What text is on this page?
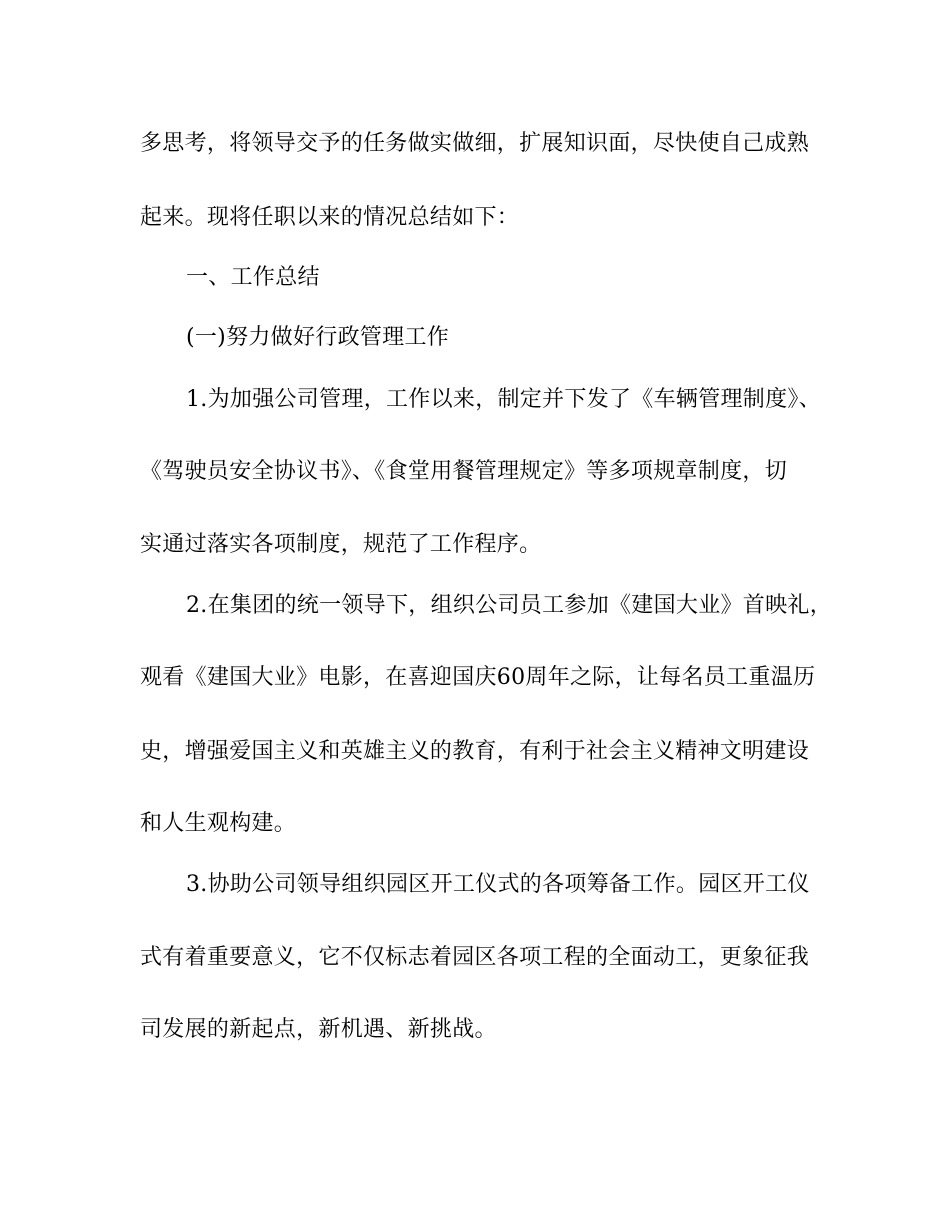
多思考，将领导交予的任务做实做细，扩展知识面，尽快使自己成熟
起来。现将任职以来的情况总结如下：
一、工作总结
(一)努力做好行政管理工作
1.为加强公司管理，工作以来，制定并下发了《车辆管理制度》、
《驾驶员安全协议书》、《食堂用餐管理规定》等多项规章制度，切
实通过落实各项制度，规范了工作程序。
2.在集团的统一领导下，组织公司员工参加《建国大业》首映礼，
观看《建国大业》电影，在喜迎国庆60周年之际，让每名员工重温历
史，增强爱国主义和英雄主义的教育，有利于社会主义精神文明建设
和人生观构建。
3.协助公司领导组织园区开工仪式的各项筹备工作。园区开工仪
式有着重要意义，它不仅标志着园区各项工程的全面动工，更象征我
司发展的新起点，新机遇、新挑战。
